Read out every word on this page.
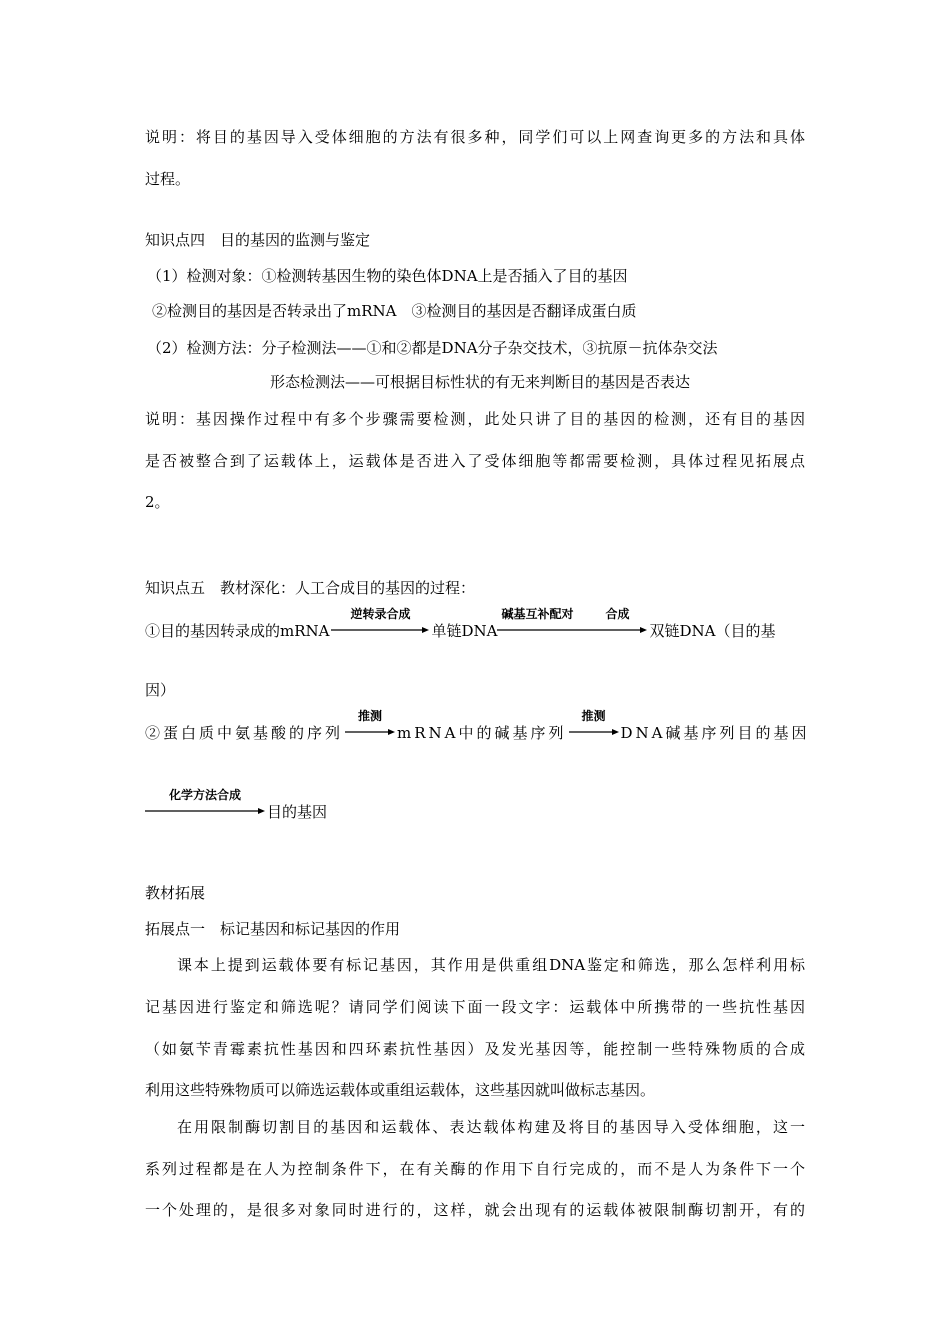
说明：将目的基因导入受体细胞的方法有很多种，同学们可以上网查询更多的方法和具体
过程。
知识点四　目的基因的监测与鉴定
（1）检测对象：①检测转基因生物的染色体DNA上是否插入了目的基因
②检测目的基因是否转录出了mRNA　③检测目的基因是否翻译成蛋白质
（2）检测方法：分子检测法——①和②都是DNA分子杂交技术，③抗原－抗体杂交法
形态检测法——可根据目标性状的有无来判断目的基因是否表达
说明：基因操作过程中有多个步骤需要检测，此处只讲了目的基因的检测，还有目的基因
是否被整合到了运载体上，运载体是否进入了受体细胞等都需要检测，具体过程见拓展点
2。
知识点五　教材深化：人工合成目的基因的过程：
①目的基因转录成的mRNA
逆转录合成
单链DNA
碱基互补配对	合成
双链DNA（目的基
因）
②蛋白质中氨基酸的序列
推测
mRNA中的碱基序列
推测
DNA碱基序列目的基因
化学方法合成
目的基因
教材拓展
拓展点一　标记基因和标记基因的作用
课本上提到运载体要有标记基因，其作用是供重组DNA鉴定和筛选，那么怎样利用标
记基因进行鉴定和筛选呢？请同学们阅读下面一段文字：运载体中所携带的一些抗性基因
（如氨苄青霉素抗性基因和四环素抗性基因）及发光基因等，能控制一些特殊物质的合成
利用这些特殊物质可以筛选运载体或重组运载体，这些基因就叫做标志基因。
在用限制酶切割目的基因和运载体、表达载体构建及将目的基因导入受体细胞，这一
系列过程都是在人为控制条件下，在有关酶的作用下自行完成的，而不是人为条件下一个
一个处理的，是很多对象同时进行的，这样，就会出现有的运载体被限制酶切割开，有的
